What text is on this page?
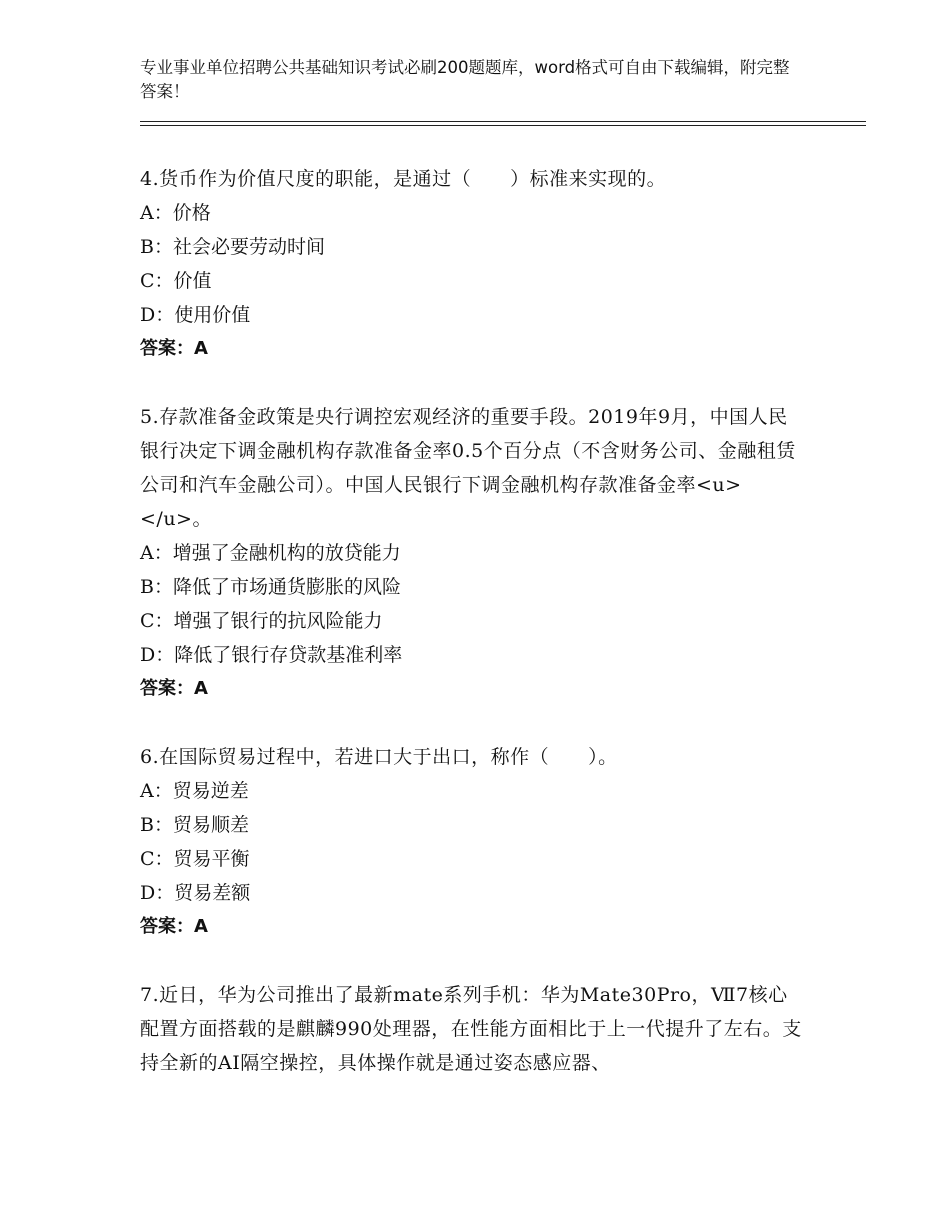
专业事业单位招聘公共基础知识考试必刷200题题库，word格式可自由下载编辑，附完整答案！

4.货币作为价值尺度的职能，是通过（　　）标准来实现的。

A：价格

B：社会必要劳动时间

C：价值

D：使用价值

答案：A

5.存款准备金政策是央行调控宏观经济的重要手段。2019年9月，中国人民银行决定下调金融机构存款准备金率0.5个百分点（不含财务公司、金融租赁公司和汽车金融公司）。中国人民银行下调金融机构存款准备金率<u>　　　　</u>。

A：增强了金融机构的放贷能力

B：降低了市场通货膨胀的风险

C：增强了银行的抗风险能力

D：降低了银行存贷款基准利率

答案：A

6.在国际贸易过程中，若进口大于出口，称作（　　）。

A：贸易逆差

B：贸易顺差

C：贸易平衡

D：贸易差额

答案：A

7.近日，华为公司推出了最新mate系列手机：华为Mate30Pro，Ⅶ7核心配置方面搭载的是麒麟990处理器，在性能方面相比于上一代提升了左右。支持全新的AI隔空操控，具体操作就是通过姿态感应器、
